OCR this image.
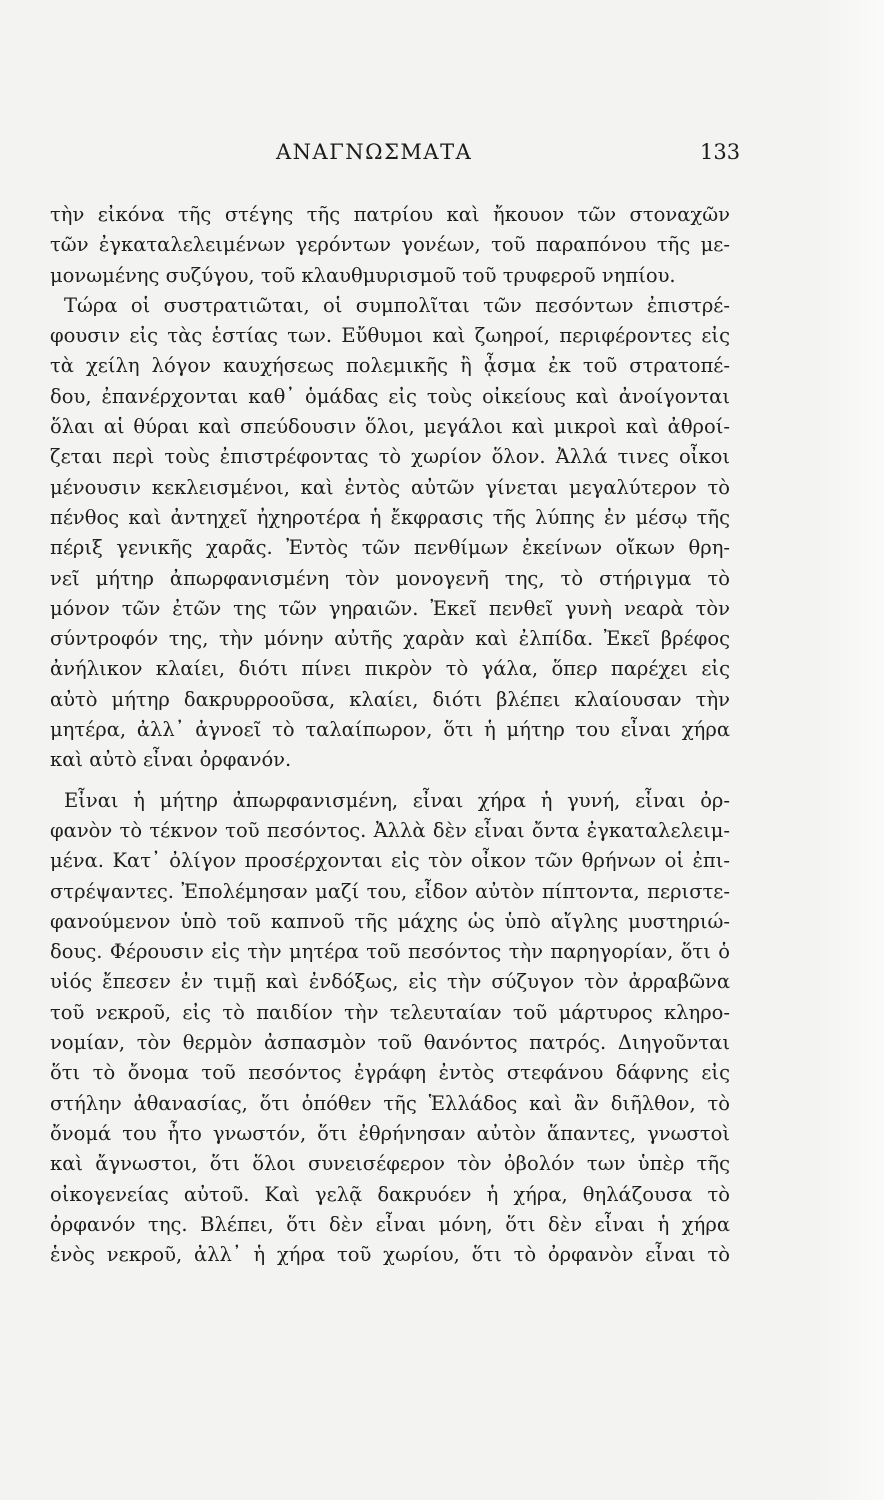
ΑΝΑΓΝΩΣΜΑΤΑ	133
τὴν εἰκόνα τῆς στέγης τῆς πατρίου καὶ ἤκουον τῶν στοναχῶν
τῶν ἐγκαταλελειμένων γερόντων γονέων, τοῦ παραπόνου τῆς με-
μονωμένης συζύγου, τοῦ κλαυθμυρισμοῦ τοῦ τρυφεροῦ νηπίου.
Τώρα οἱ συστρατιῶται, οἱ συμπολῖται τῶν πεσόντων ἐπιστρέ-
φουσιν εἰς τὰς ἑστίας των. Εὔθυμοι καὶ ζωηροί, περιφέροντες εἰς
τὰ χείλη λόγον καυχήσεως πολεμικῆς ἢ ᾆσμα ἐκ τοῦ στρατοπέ-
δου, ἐπανέρχονται καθ᾽ ὁμάδας εἰς τοὺς οἰκείους καὶ ἀνοίγονται
ὅλαι αἱ θύραι καὶ σπεύδουσιν ὅλοι, μεγάλοι καὶ μικροὶ καὶ ἀθροί-
ζεται περὶ τοὺς ἐπιστρέφοντας τὸ χωρίον ὅλον. Ἀλλά τινες οἶκοι
μένουσιν κεκλεισμένοι, καὶ ἐντὸς αὐτῶν γίνεται μεγαλύτερον τὸ
πένθος καὶ ἀντηχεῖ ἠχηροτέρα ἡ ἔκφρασις τῆς λύπης ἐν μέσῳ τῆς
πέριξ γενικῆς χαρᾶς. Ἐντὸς τῶν πενθίμων ἐκείνων οἴκων θρη-
νεῖ μήτηρ ἀπωρφανισμένη τὸν μονογενῆ της, τὸ στήριγμα τὸ
μόνον τῶν ἐτῶν της τῶν γηραιῶν. Ἐκεῖ πενθεῖ γυνὴ νεαρὰ τὸν
σύντροφόν της, τὴν μόνην αὐτῆς χαρὰν καὶ ἐλπίδα. Ἐκεῖ βρέφος
ἀνήλικον κλαίει, διότι πίνει πικρὸν τὸ γάλα, ὅπερ παρέχει εἰς
αὐτὸ μήτηρ δακρυρροοῦσα, κλαίει, διότι βλέπει κλαίουσαν τὴν
μητέρα, ἀλλ᾽ ἀγνοεῖ τὸ ταλαίπωρον, ὅτι ἡ μήτηρ του εἶναι χήρα
καὶ αὐτὸ εἶναι ὀρφανόν.
Εἶναι ἡ μήτηρ ἀπωρφανισμένη, εἶναι χήρα ἡ γυνή, εἶναι ὀρ-
φανὸν τὸ τέκνον τοῦ πεσόντος. Ἀλλὰ δὲν εἶναι ὄντα ἐγκαταλελειμ-
μένα. Κατ᾽ ὀλίγον προσέρχονται εἰς τὸν οἶκον τῶν θρήνων οἱ ἐπι-
στρέψαντες. Ἐπολέμησαν μαζί του, εἶδον αὐτὸν πίπτοντα, περιστε-
φανούμενον ὑπὸ τοῦ καπνοῦ τῆς μάχης ὡς ὑπὸ αἴγλης μυστηριώ-
δους. Φέρουσιν εἰς τὴν μητέρα τοῦ πεσόντος τὴν παρηγορίαν, ὅτι ὁ
υἱός ἔπεσεν ἐν τιμῇ καὶ ἐνδόξως, εἰς τὴν σύζυγον τὸν ἀρραβῶνα
τοῦ νεκροῦ, εἰς τὸ παιδίον τὴν τελευταίαν τοῦ μάρτυρος κληρο-
νομίαν, τὸν θερμὸν ἀσπασμὸν τοῦ θανόντος πατρός. Διηγοῦνται
ὅτι τὸ ὄνομα τοῦ πεσόντος ἐγράφη ἐντὸς στεφάνου δάφνης εἰς
στήλην ἀθανασίας, ὅτι ὁπόθεν τῆς Ἑλλάδος καὶ ἂν διῆλθον, τὸ
ὄνομά του ἦτο γνωστόν, ὅτι ἐθρήνησαν αὐτὸν ἅπαντες, γνωστοὶ
καὶ ἄγνωστοι, ὅτι ὅλοι συνεισέφερον τὸν ὀβολόν των ὑπὲρ τῆς
οἰκογενείας αὐτοῦ. Καὶ γελᾷ δακρυόεν ἡ χήρα, θηλάζουσα τὸ
ὀρφανόν της. Βλέπει, ὅτι δὲν εἶναι μόνη, ὅτι δὲν εἶναι ἡ χήρα
ἑνὸς νεκροῦ, ἀλλ᾽ ἡ χήρα τοῦ χωρίου, ὅτι τὸ ὀρφανὸν εἶναι τὸ
